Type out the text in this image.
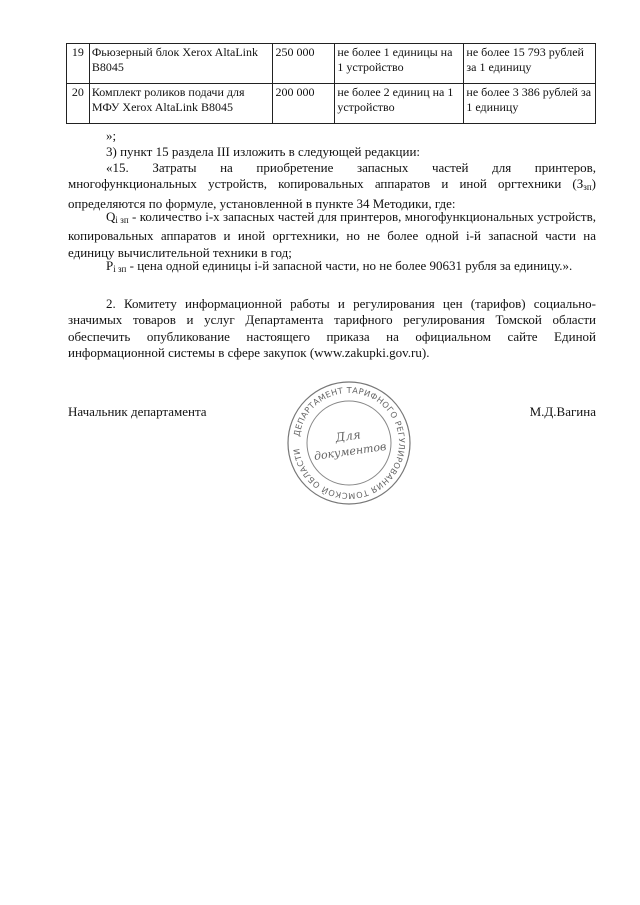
19	Фьюзерный блок Xerox AltaLink B8045	250 000	не более 1 единицы на 1 устройство	не более 15 793 рублей за 1 единицу
20	Комплект роликов подачи для МФУ Xerox AltaLink B8045	200 000	не более 2 единиц на 1 устройство	не более 3 386 рублей за 1 единицу
»;
3) пункт 15 раздела III изложить в следующей редакции:
«15. Затраты на приобретение запасных частей для принтеров,
многофункциональных устройств, копировальных аппаратов и иной оргтехники $(З_{зп})$ определяются по формуле, установленной в пункте 34 Методики, где:
$Q_{i зп}$ - количество i-х запасных частей для принтеров, многофункциональных устройств, копировальных аппаратов и иной оргтехники, но не более одной i-й запасной части на единицу вычислительной техники в год;
$P_{i зп}$ - цена одной единицы i-й запасной части, но не более 90631 рубля за единицу.».
2. Комитету информационной работы и регулирования цен (тарифов) социально-значимых товаров и услуг Департамента тарифного регулирования Томской области обеспечить опубликование настоящего приказа на официальном сайте Единой информационной системы в сфере закупок (www.zakupki.gov.ru).
Начальник департамента	М.Д.Вагина
ДЕПАРТАМЕНТ ТАРИФНОГО РЕГУЛИРОВАНИЯ ТОМСКОЙ ОБЛАСТИ
Для
документов
